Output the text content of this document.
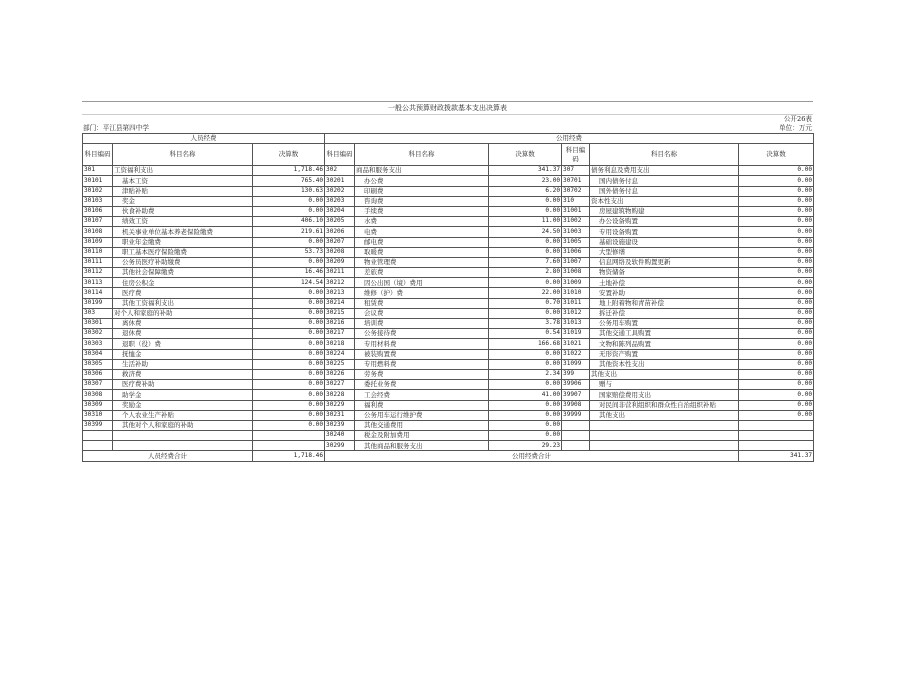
一般公共预算财政拨款基本支出决算表
公开26表
部门：平江县第四中学	单位：万元
人员经费			公用经费					
科目编码	科目名称	决算数	科目编码	科目名称	决算数	科目编码	科目名称	决算数
301	工资福利支出	1,718.46	302	商品和服务支出	341.37	307	债务利息及费用支出	0.00
30101	基本工资	765.40	30201	办公费	23.00	30701	国内债务付息	0.00
30102	津贴补贴	130.63	30202	印刷费	6.20	30702	国外债务付息	0.00
30103	奖金	0.00	30203	咨询费	0.00	310	资本性支出	0.00
30106	伙食补助费	0.00	30204	手续费	0.00	31001	房屋建筑物购建	0.00
30107	绩效工资	406.10	30205	水费	11.00	31002	办公设备购置	0.00
30108	机关事业单位基本养老保险缴费	219.61	30206	电费	24.50	31003	专用设备购置	0.00
30109	职业年金缴费	0.00	30207	邮电费	0.00	31005	基础设施建设	0.00
30110	职工基本医疗保险缴费	53.73	30208	取暖费	0.00	31006	大型修缮	0.00
30111	公务员医疗补助缴费	0.00	30209	物业管理费	7.60	31007	信息网络及软件购置更新	0.00
30112	其他社会保障缴费	16.46	30211	差旅费	2.80	31008	物资储备	0.00
30113	住房公积金	124.54	30212	因公出国（境）费用	0.00	31009	土地补偿	0.00
30114	医疗费	0.00	30213	维修（护）费	22.00	31010	安置补助	0.00
30199	其他工资福利支出	0.00	30214	租赁费	0.70	31011	地上附着物和青苗补偿	0.00
303	对个人和家庭的补助	0.00	30215	会议费	0.00	31012	拆迁补偿	0.00
30301	离休费	0.00	30216	培训费	3.78	31013	公务用车购置	0.00
30302	退休费	0.00	30217	公务接待费	0.54	31019	其他交通工具购置	0.00
30303	退职（役）费	0.00	30218	专用材料费	166.68	31021	文物和陈列品购置	0.00
30304	抚恤金	0.00	30224	被装购置费	0.00	31022	无形资产购置	0.00
30305	生活补助	0.00	30225	专用燃料费	0.00	31099	其他资本性支出	0.00
30306	救济费	0.00	30226	劳务费	2.34	399	其他支出	0.00
30307	医疗费补助	0.00	30227	委托业务费	0.00	39906	赠与	0.00
30308	助学金	0.00	30228	工会经费	41.00	39907	国家赔偿费用支出	0.00
30309	奖励金	0.00	30229	福利费	0.00	39908	对民间非营利组织和群众性自治组织补贴	0.00
30310	个人农业生产补贴	0.00	30231	公务用车运行维护费	0.00	39999	其他支出	0.00
30399	其他对个人和家庭的补助	0.00	30239	其他交通费用	0.00			
			30240	税金及附加费用	0.00			
			30299	其他商品和服务支出	29.23			
人员经费合计		1,718.46	公用经费合计					341.37
